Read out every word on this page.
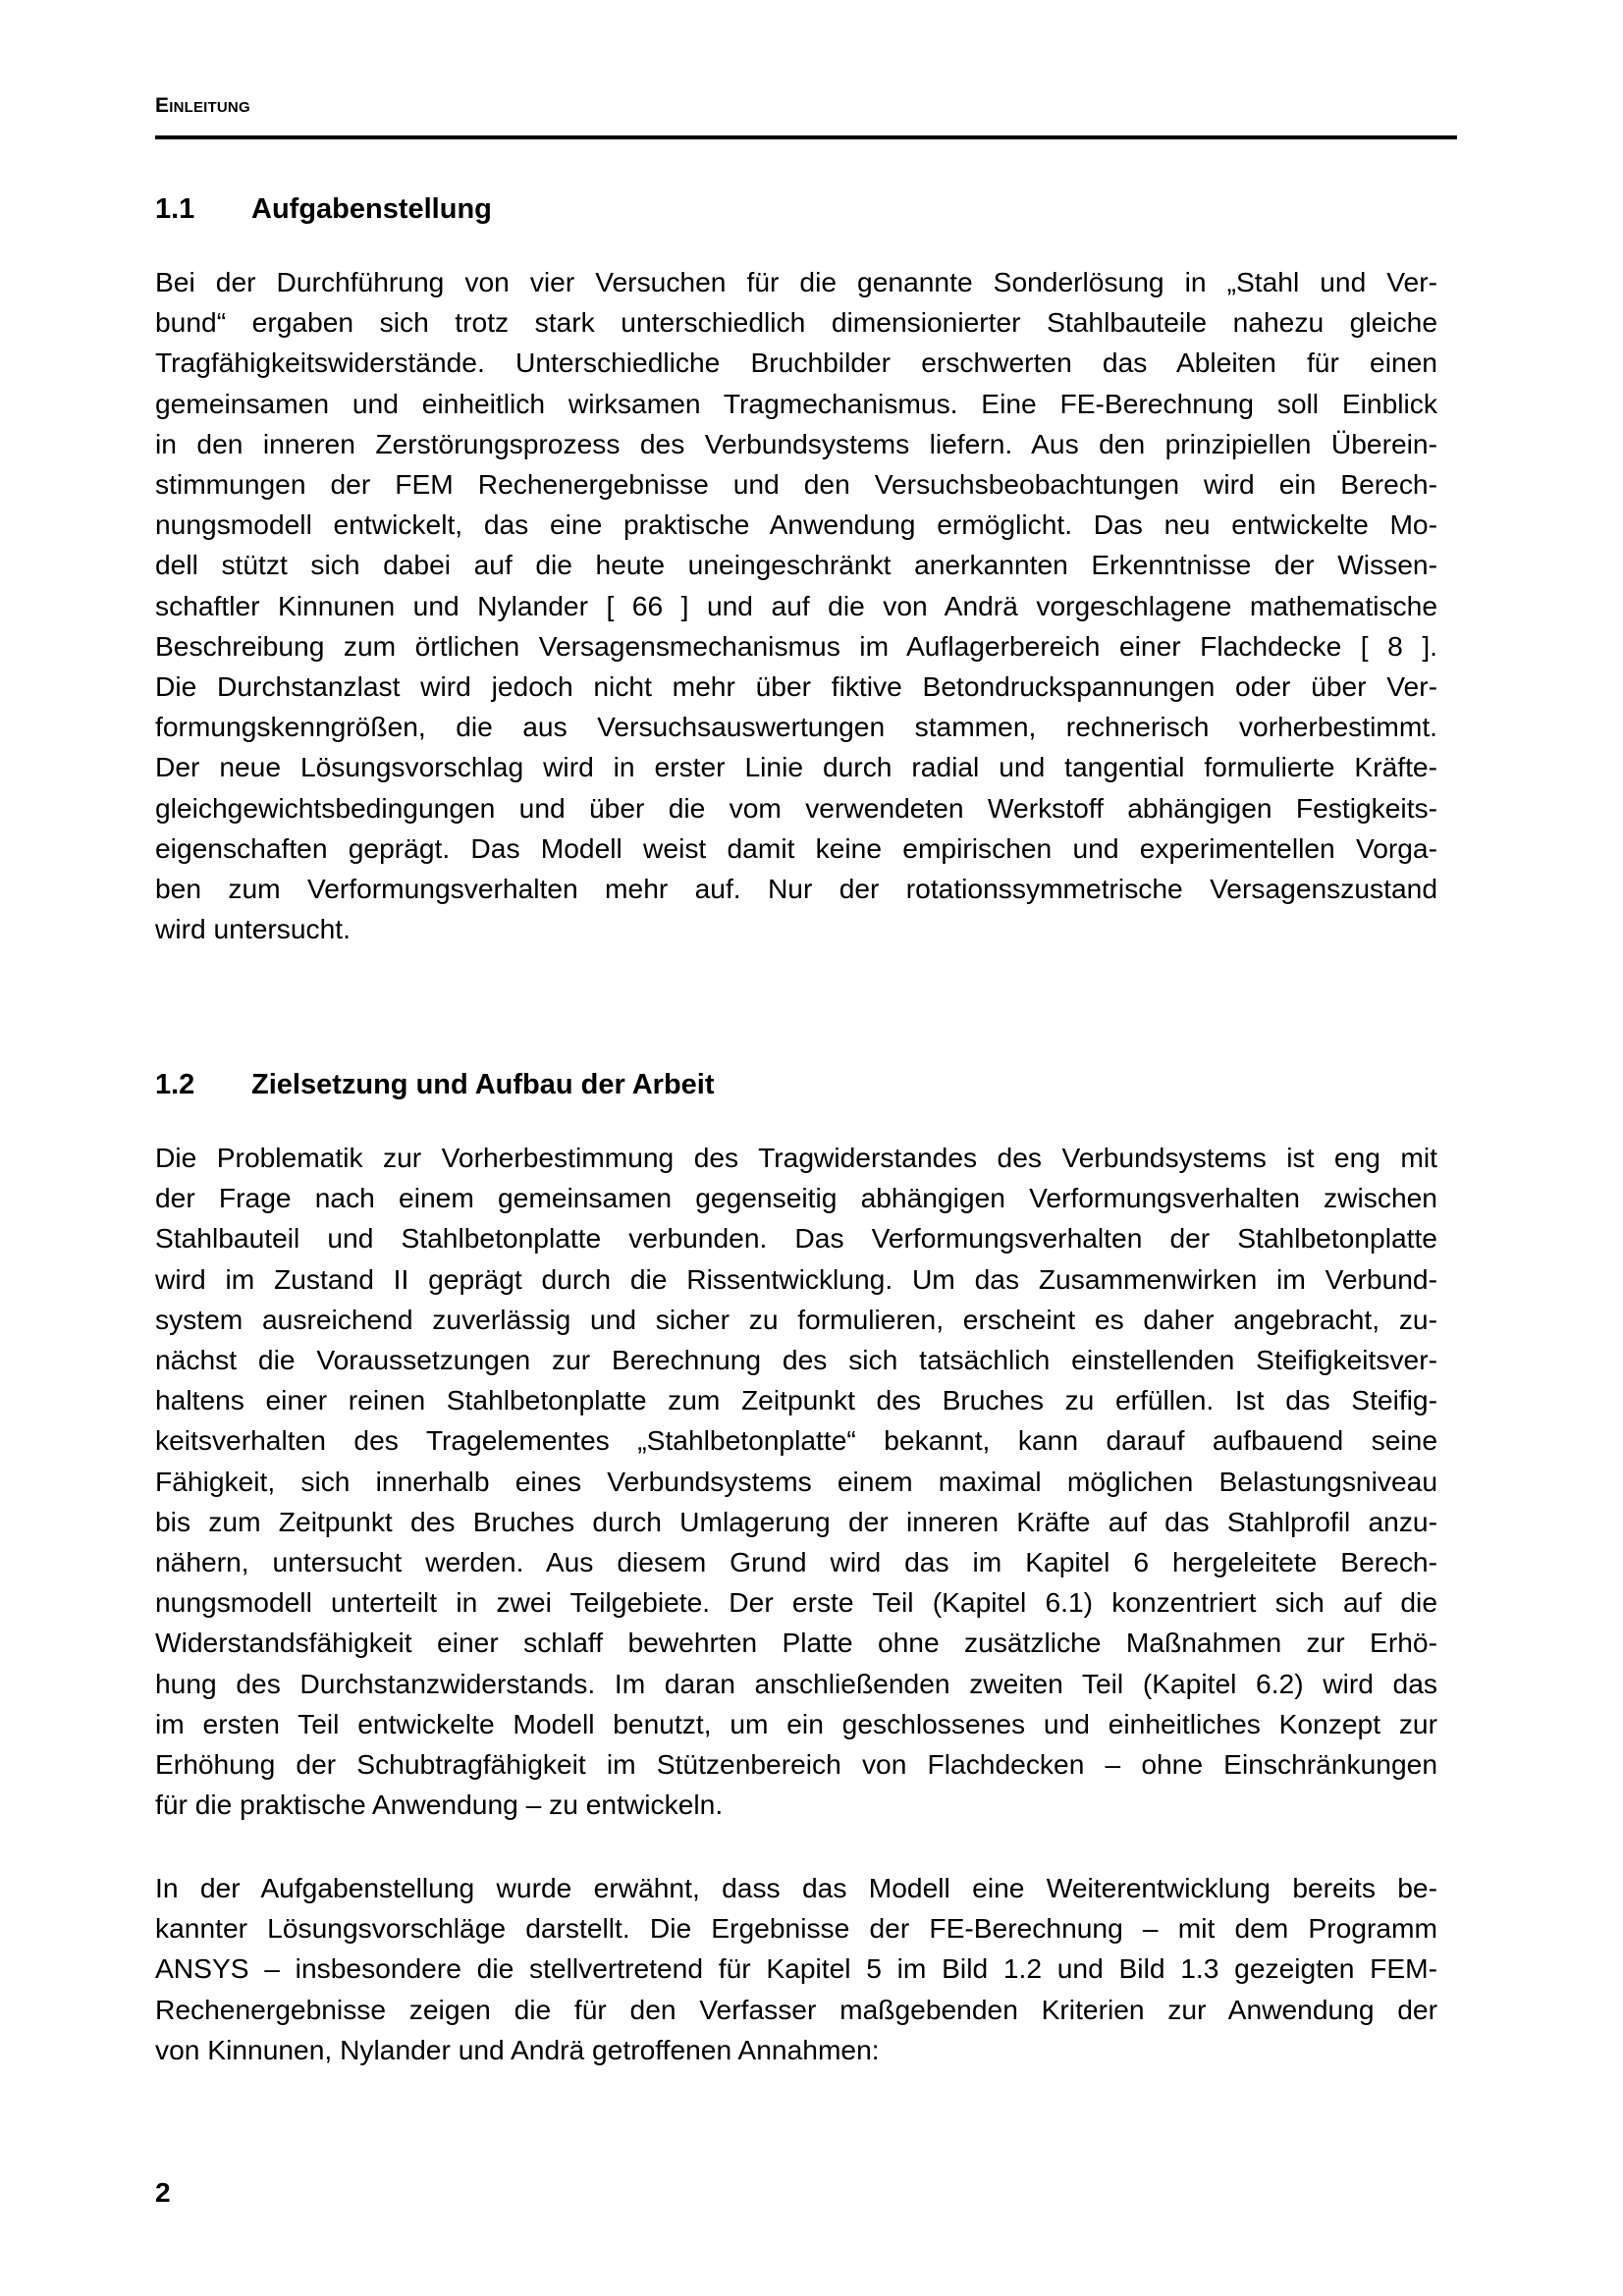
Einleitung

1.1	Aufgabenstellung
Bei der Durchführung von vier Versuchen für die genannte Sonderlösung in „Stahl und Ver-
bund“ ergaben sich trotz stark unterschiedlich dimensionierter Stahlbauteile nahezu gleiche
Tragfähigkeitswiderstände. Unterschiedliche Bruchbilder erschwerten das Ableiten für einen
gemeinsamen und einheitlich wirksamen Tragmechanismus. Eine FE-Berechnung soll Einblick
in den inneren Zerstörungsprozess des Verbundsystems liefern. Aus den prinzipiellen Überein-
stimmungen der FEM Rechenergebnisse und den Versuchsbeobachtungen wird ein Berech-
nungsmodell entwickelt, das eine praktische Anwendung ermöglicht. Das neu entwickelte Mo-
dell stützt sich dabei auf die heute uneingeschränkt anerkannten Erkenntnisse der Wissen-
schaftler Kinnunen und Nylander [ 66 ] und auf die von Andrä vorgeschlagene mathematische
Beschreibung zum örtlichen Versagensmechanismus im Auflagerbereich einer Flachdecke [ 8 ].
Die Durchstanzlast wird jedoch nicht mehr über fiktive Betondruckspannungen oder über Ver-
formungskenngrößen, die aus Versuchsauswertungen stammen, rechnerisch vorherbestimmt.
Der neue Lösungsvorschlag wird in erster Linie durch radial und tangential formulierte Kräfte-
gleichgewichtsbedingungen und über die vom verwendeten Werkstoff abhängigen Festigkeits-
eigenschaften geprägt. Das Modell weist damit keine empirischen und experimentellen Vorga-
ben zum Verformungsverhalten mehr auf. Nur der rotationssymmetrische Versagenszustand
wird untersucht.
1.2	Zielsetzung und Aufbau der Arbeit
Die Problematik zur Vorherbestimmung des Tragwiderstandes des Verbundsystems ist eng mit
der Frage nach einem gemeinsamen gegenseitig abhängigen Verformungsverhalten zwischen
Stahlbauteil und Stahlbetonplatte verbunden. Das Verformungsverhalten der Stahlbetonplatte
wird im Zustand II geprägt durch die Rissentwicklung. Um das Zusammenwirken im Verbund-
system ausreichend zuverlässig und sicher zu formulieren, erscheint es daher angebracht, zu-
nächst die Voraussetzungen zur Berechnung des sich tatsächlich einstellenden Steifigkeitsver-
haltens einer reinen Stahlbetonplatte zum Zeitpunkt des Bruches zu erfüllen. Ist das Steifig-
keitsverhalten des Tragelementes „Stahlbetonplatte“ bekannt, kann darauf aufbauend seine
Fähigkeit, sich innerhalb eines Verbundsystems einem maximal möglichen Belastungsniveau
bis zum Zeitpunkt des Bruches durch Umlagerung der inneren Kräfte auf das Stahlprofil anzu-
nähern, untersucht werden. Aus diesem Grund wird das im Kapitel 6 hergeleitete Berech-
nungsmodell unterteilt in zwei Teilgebiete. Der erste Teil (Kapitel 6.1) konzentriert sich auf die
Widerstandsfähigkeit einer schlaff bewehrten Platte ohne zusätzliche Maßnahmen zur Erhö-
hung des Durchstanzwiderstands. Im daran anschließenden zweiten Teil (Kapitel 6.2) wird das
im ersten Teil entwickelte Modell benutzt, um ein geschlossenes und einheitliches Konzept zur
Erhöhung der Schubtragfähigkeit im Stützenbereich von Flachdecken – ohne Einschränkungen
für die praktische Anwendung – zu entwickeln.
In der Aufgabenstellung wurde erwähnt, dass das Modell eine Weiterentwicklung bereits be-
kannter Lösungsvorschläge darstellt. Die Ergebnisse der FE-Berechnung – mit dem Programm
ANSYS – insbesondere die stellvertretend für Kapitel 5 im Bild 1.2 und Bild 1.3 gezeigten FEM-
Rechenergebnisse zeigen die für den Verfasser maßgebenden Kriterien zur Anwendung der
von Kinnunen, Nylander und Andrä getroffenen Annahmen:

2
